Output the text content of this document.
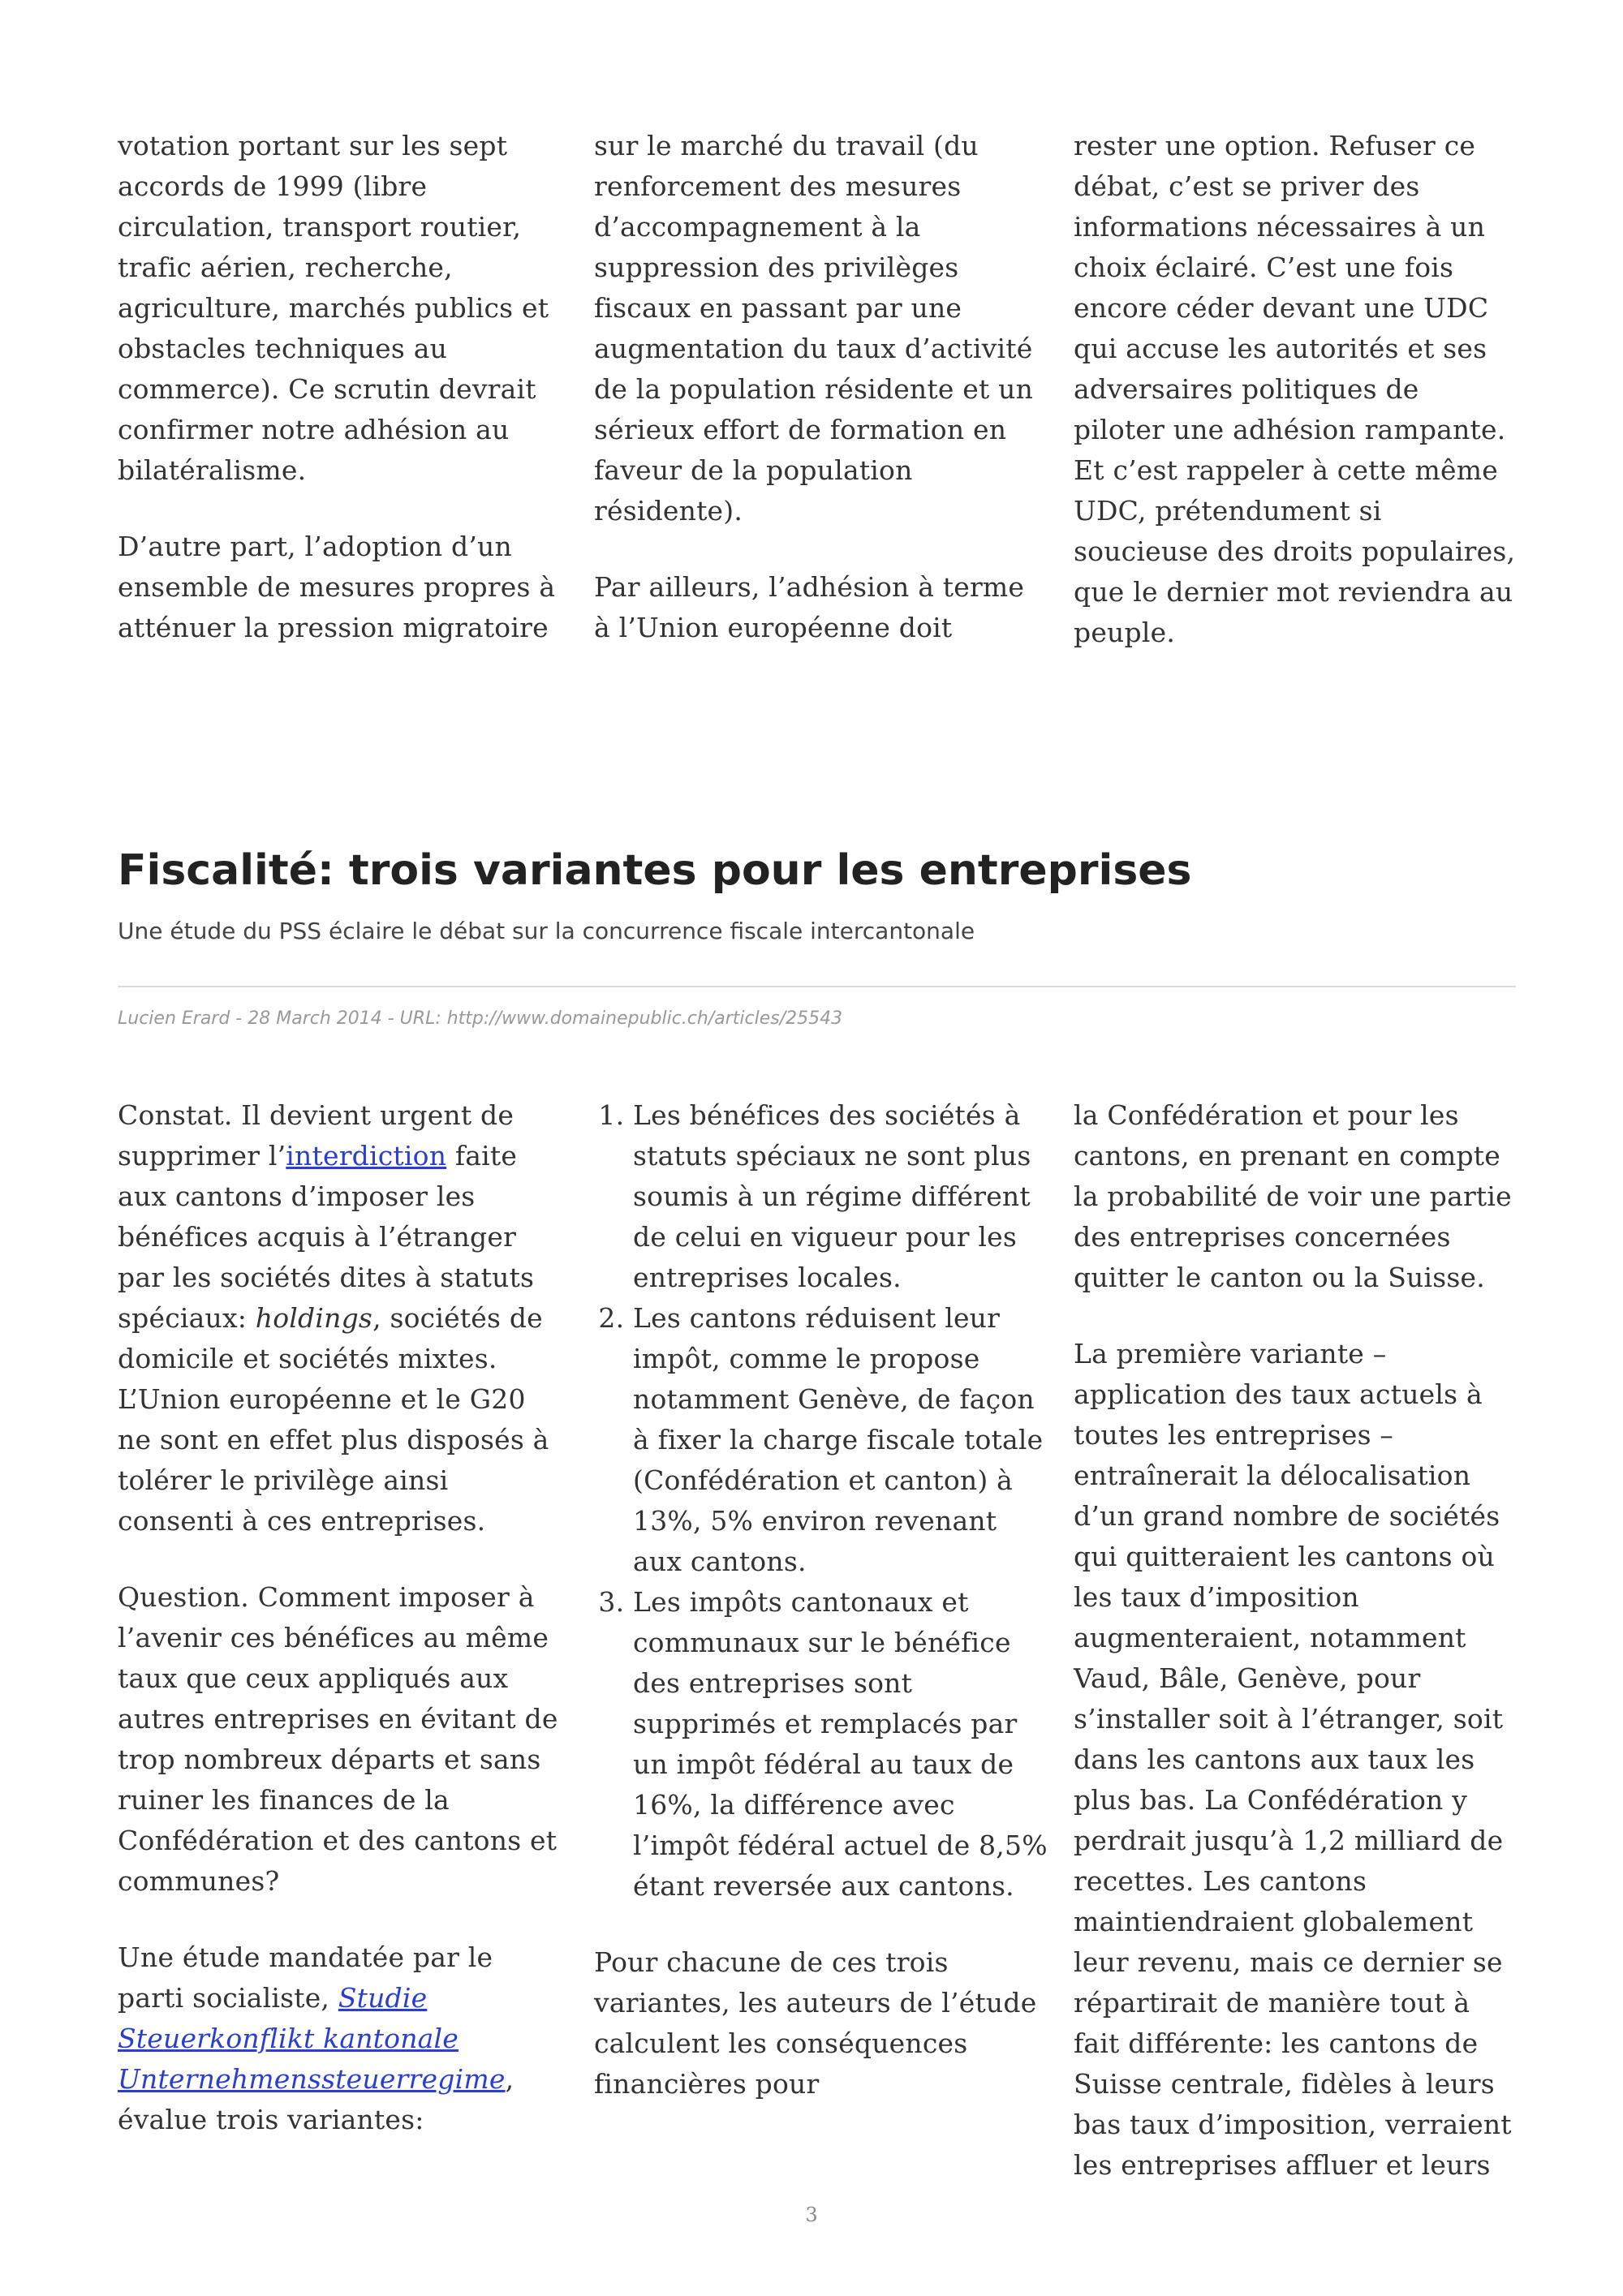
votation portant sur les sept accords de 1999 (libre circulation, transport routier, trafic aérien, recherche, agriculture, marchés publics et obstacles techniques au commerce). Ce scrutin devrait confirmer notre adhésion au bilatéralisme.

D’autre part, l’adoption d’un ensemble de mesures propres à atténuer la pression migratoire

sur le marché du travail (du renforcement des mesures d’accompagnement à la suppression des privilèges fiscaux en passant par une augmentation du taux d’activité de la population résidente et un sérieux effort de formation en faveur de la population résidente).

Par ailleurs, l’adhésion à terme à l’Union européenne doit

rester une option. Refuser ce débat, c’est se priver des informations nécessaires à un choix éclairé. C’est une fois encore céder devant une UDC qui accuse les autorités et ses adversaires politiques de piloter une adhésion rampante. Et c’est rappeler à cette même UDC, prétendument si soucieuse des droits populaires, que le dernier mot reviendra au peuple.

Fiscalité: trois variantes pour les entreprises

Une étude du PSS éclaire le débat sur la concurrence fiscale intercantonale

Lucien Erard - 28 March 2014 - URL: http://www.domainepublic.ch/articles/25543

Constat. Il devient urgent de supprimer l’interdiction faite aux cantons d’imposer les bénéfices acquis à l’étranger par les sociétés dites à statuts spéciaux: holdings, sociétés de domicile et sociétés mixtes. L’Union européenne et le G20 ne sont en effet plus disposés à tolérer le privilège ainsi consenti à ces entreprises.

Question. Comment imposer à l’avenir ces bénéfices au même taux que ceux appliqués aux autres entreprises en évitant de trop nombreux départs et sans ruiner les finances de la Confédération et des cantons et communes?

Une étude mandatée par le parti socialiste, Studie Steuerkonflikt kantonale Unternehmenssteuerregime, évalue trois variantes:

1. Les bénéfices des sociétés à statuts spéciaux ne sont plus soumis à un régime différent de celui en vigueur pour les entreprises locales.
2. Les cantons réduisent leur impôt, comme le propose notamment Genève, de façon à fixer la charge fiscale totale (Confédération et canton) à 13%, 5% environ revenant aux cantons.
3. Les impôts cantonaux et communaux sur le bénéfice des entreprises sont supprimés et remplacés par un impôt fédéral au taux de 16%, la différence avec l’impôt fédéral actuel de 8,5% étant reversée aux cantons.

Pour chacune de ces trois variantes, les auteurs de l’étude calculent les conséquences financières pour

la Confédération et pour les cantons, en prenant en compte la probabilité de voir une partie des entreprises concernées quitter le canton ou la Suisse.

La première variante – application des taux actuels à toutes les entreprises – entraînerait la délocalisation d’un grand nombre de sociétés qui quitteraient les cantons où les taux d’imposition augmenteraient, notamment Vaud, Bâle, Genève, pour s’installer soit à l’étranger, soit dans les cantons aux taux les plus bas. La Confédération y perdrait jusqu’à 1,2 milliard de recettes. Les cantons maintiendraient globalement leur revenu, mais ce dernier se répartirait de manière tout à fait différente: les cantons de Suisse centrale, fidèles à leurs bas taux d’imposition, verraient les entreprises affluer et leurs

3
